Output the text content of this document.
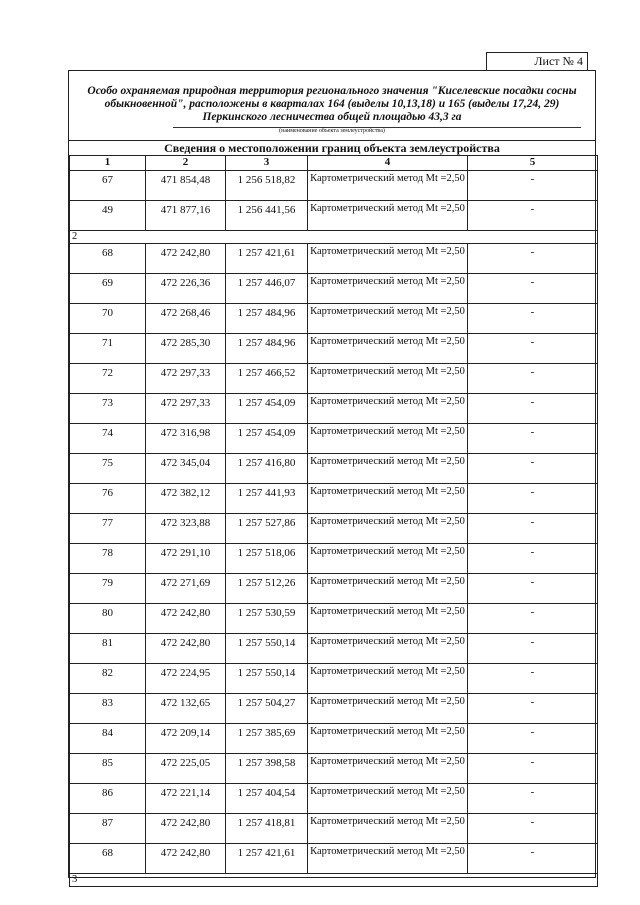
Лист № 4
Особо охраняемая природная территория регионального значения "Киселевские посадки сосны обыкновенной", расположены в кварталах 164 (выделы 10,13,18) и 165 (выделы 17,24, 29) Перкинского лесничества общей площадью 43,3 га
(наименование объекта землеустройства)
Сведения о местоположении границ объекта землеустройства
1	2	3	4	5
67	471 854,48	1 256 518,82	Картометрический метод Mt =2,50	-
49	471 877,16	1 256 441,56	Картометрический метод Mt =2,50	-
2				
68	472 242,80	1 257 421,61	Картометрический метод Mt =2,50	-
69	472 226,36	1 257 446,07	Картометрический метод Mt =2,50	-
70	472 268,46	1 257 484,96	Картометрический метод Mt =2,50	-
71	472 285,30	1 257 484,96	Картометрический метод Mt =2,50	-
72	472 297,33	1 257 466,52	Картометрический метод Mt =2,50	-
73	472 297,33	1 257 454,09	Картометрический метод Mt =2,50	-
74	472 316,98	1 257 454,09	Картометрический метод Mt =2,50	-
75	472 345,04	1 257 416,80	Картометрический метод Mt =2,50	-
76	472 382,12	1 257 441,93	Картометрический метод Mt =2,50	-
77	472 323,88	1 257 527,86	Картометрический метод Mt =2,50	-
78	472 291,10	1 257 518,06	Картометрический метод Mt =2,50	-
79	472 271,69	1 257 512,26	Картометрический метод Mt =2,50	-
80	472 242,80	1 257 530,59	Картометрический метод Mt =2,50	-
81	472 242,80	1 257 550,14	Картометрический метод Mt =2,50	-
82	472 224,95	1 257 550,14	Картометрический метод Mt =2,50	-
83	472 132,65	1 257 504,27	Картометрический метод Mt =2,50	-
84	472 209,14	1 257 385,69	Картометрический метод Mt =2,50	-
85	472 225,05	1 257 398,58	Картометрический метод Mt =2,50	-
86	472 221,14	1 257 404,54	Картометрический метод Mt =2,50	-
87	472 242,80	1 257 418,81	Картометрический метод Mt =2,50	-
68	472 242,80	1 257 421,61	Картометрический метод Mt =2,50	-
3				
